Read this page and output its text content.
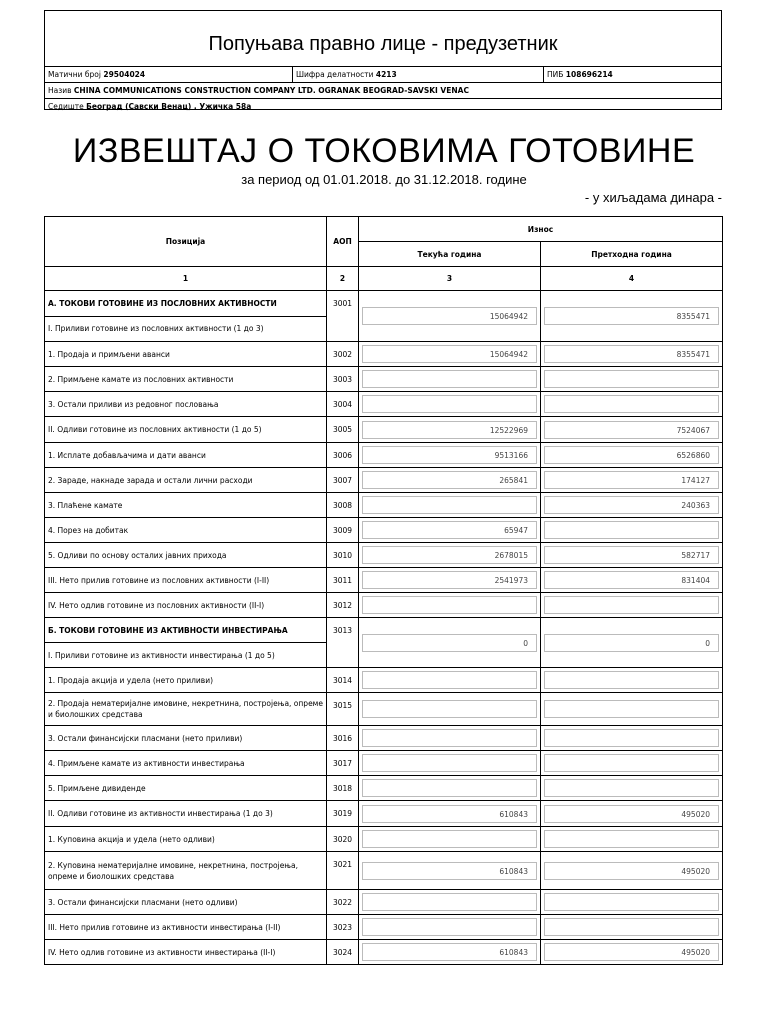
Попуњава правно лице - предузетник
Матични број 29504024	Шифра делатности 4213	ПИБ 108696214
Назив CHINA COMMUNICATIONS CONSTRUCTION COMPANY LTD. OGRANAK BEOGRAD-SAVSKI VENAC
Седиште Београд (Савски Венац) , Ужичка 58а
ИЗВЕШТАЈ О ТОКОВИМА ГОТОВИНЕ
за период од 01.01.2018. до 31.12.2018. године
- у хиљадама динара -
Позиција	АОП	Износ	
		Текућа година	Претходна година
1	2	3	4
А. ТОКОВИ ГОТОВИНЕ ИЗ ПОСЛОВНИХ АКТИВНОСТИ	3001	15064942	8355471

I. Приливи готовине из пословних активности (1 до 3)			
1. Продаја и примљени аванси	3002	15064942	8355471

2. Примљене камате из пословних активности	3003	

3. Остали приливи из редовног пословања	3004	

II. Одливи готовине из пословних активности (1 до 5)	3005	12522969	7524067

1. Исплате добављачима и дати аванси	3006	9513166	6526860

2. Зараде, накнаде зарада и остали лични расходи	3007	265841	174127

3. Плаћене камате	3008		240363

4. Порез на добитак	3009	65947	

5. Одливи по основу осталих јавних прихода	3010	2678015	582717

III. Нето прилив готовине из пословних активности (I-II)	3011	2541973	831404

IV. Нето одлив готовине из пословних активности (II-I)	3012	

Б. ТОКОВИ ГОТОВИНЕ ИЗ АКТИВНОСТИ ИНВЕСТИРАЊА	3013	0	0

I. Приливи готовине из активности инвестирања (1 до 5)			
1. Продаја акција и удела (нето приливи)	3014	

2. Продаја нематеријалне имовине, некретнина, постројења, опреме и биолошких средстава	3015	

3. Остали финансијски пласмани (нето приливи)	3016	

4. Примљене камате из активности инвестирања	3017	

5. Примљене дивиденде	3018	

II. Одливи готовине из активности инвестирања (1 до 3)	3019	610843	495020

1. Куповина акција и удела (нето одливи)	3020	

2. Куповина нематеријалне имовине, некретнина, постројења, опреме и биолошких средстава	3021	610843	495020

3. Остали финансијски пласмани (нето одливи)	3022	

III. Нето прилив готовине из активности инвестирања (I-II)	3023	

IV. Нето одлив готовине из активности инвестирања (II-I)	3024	610843	495020
